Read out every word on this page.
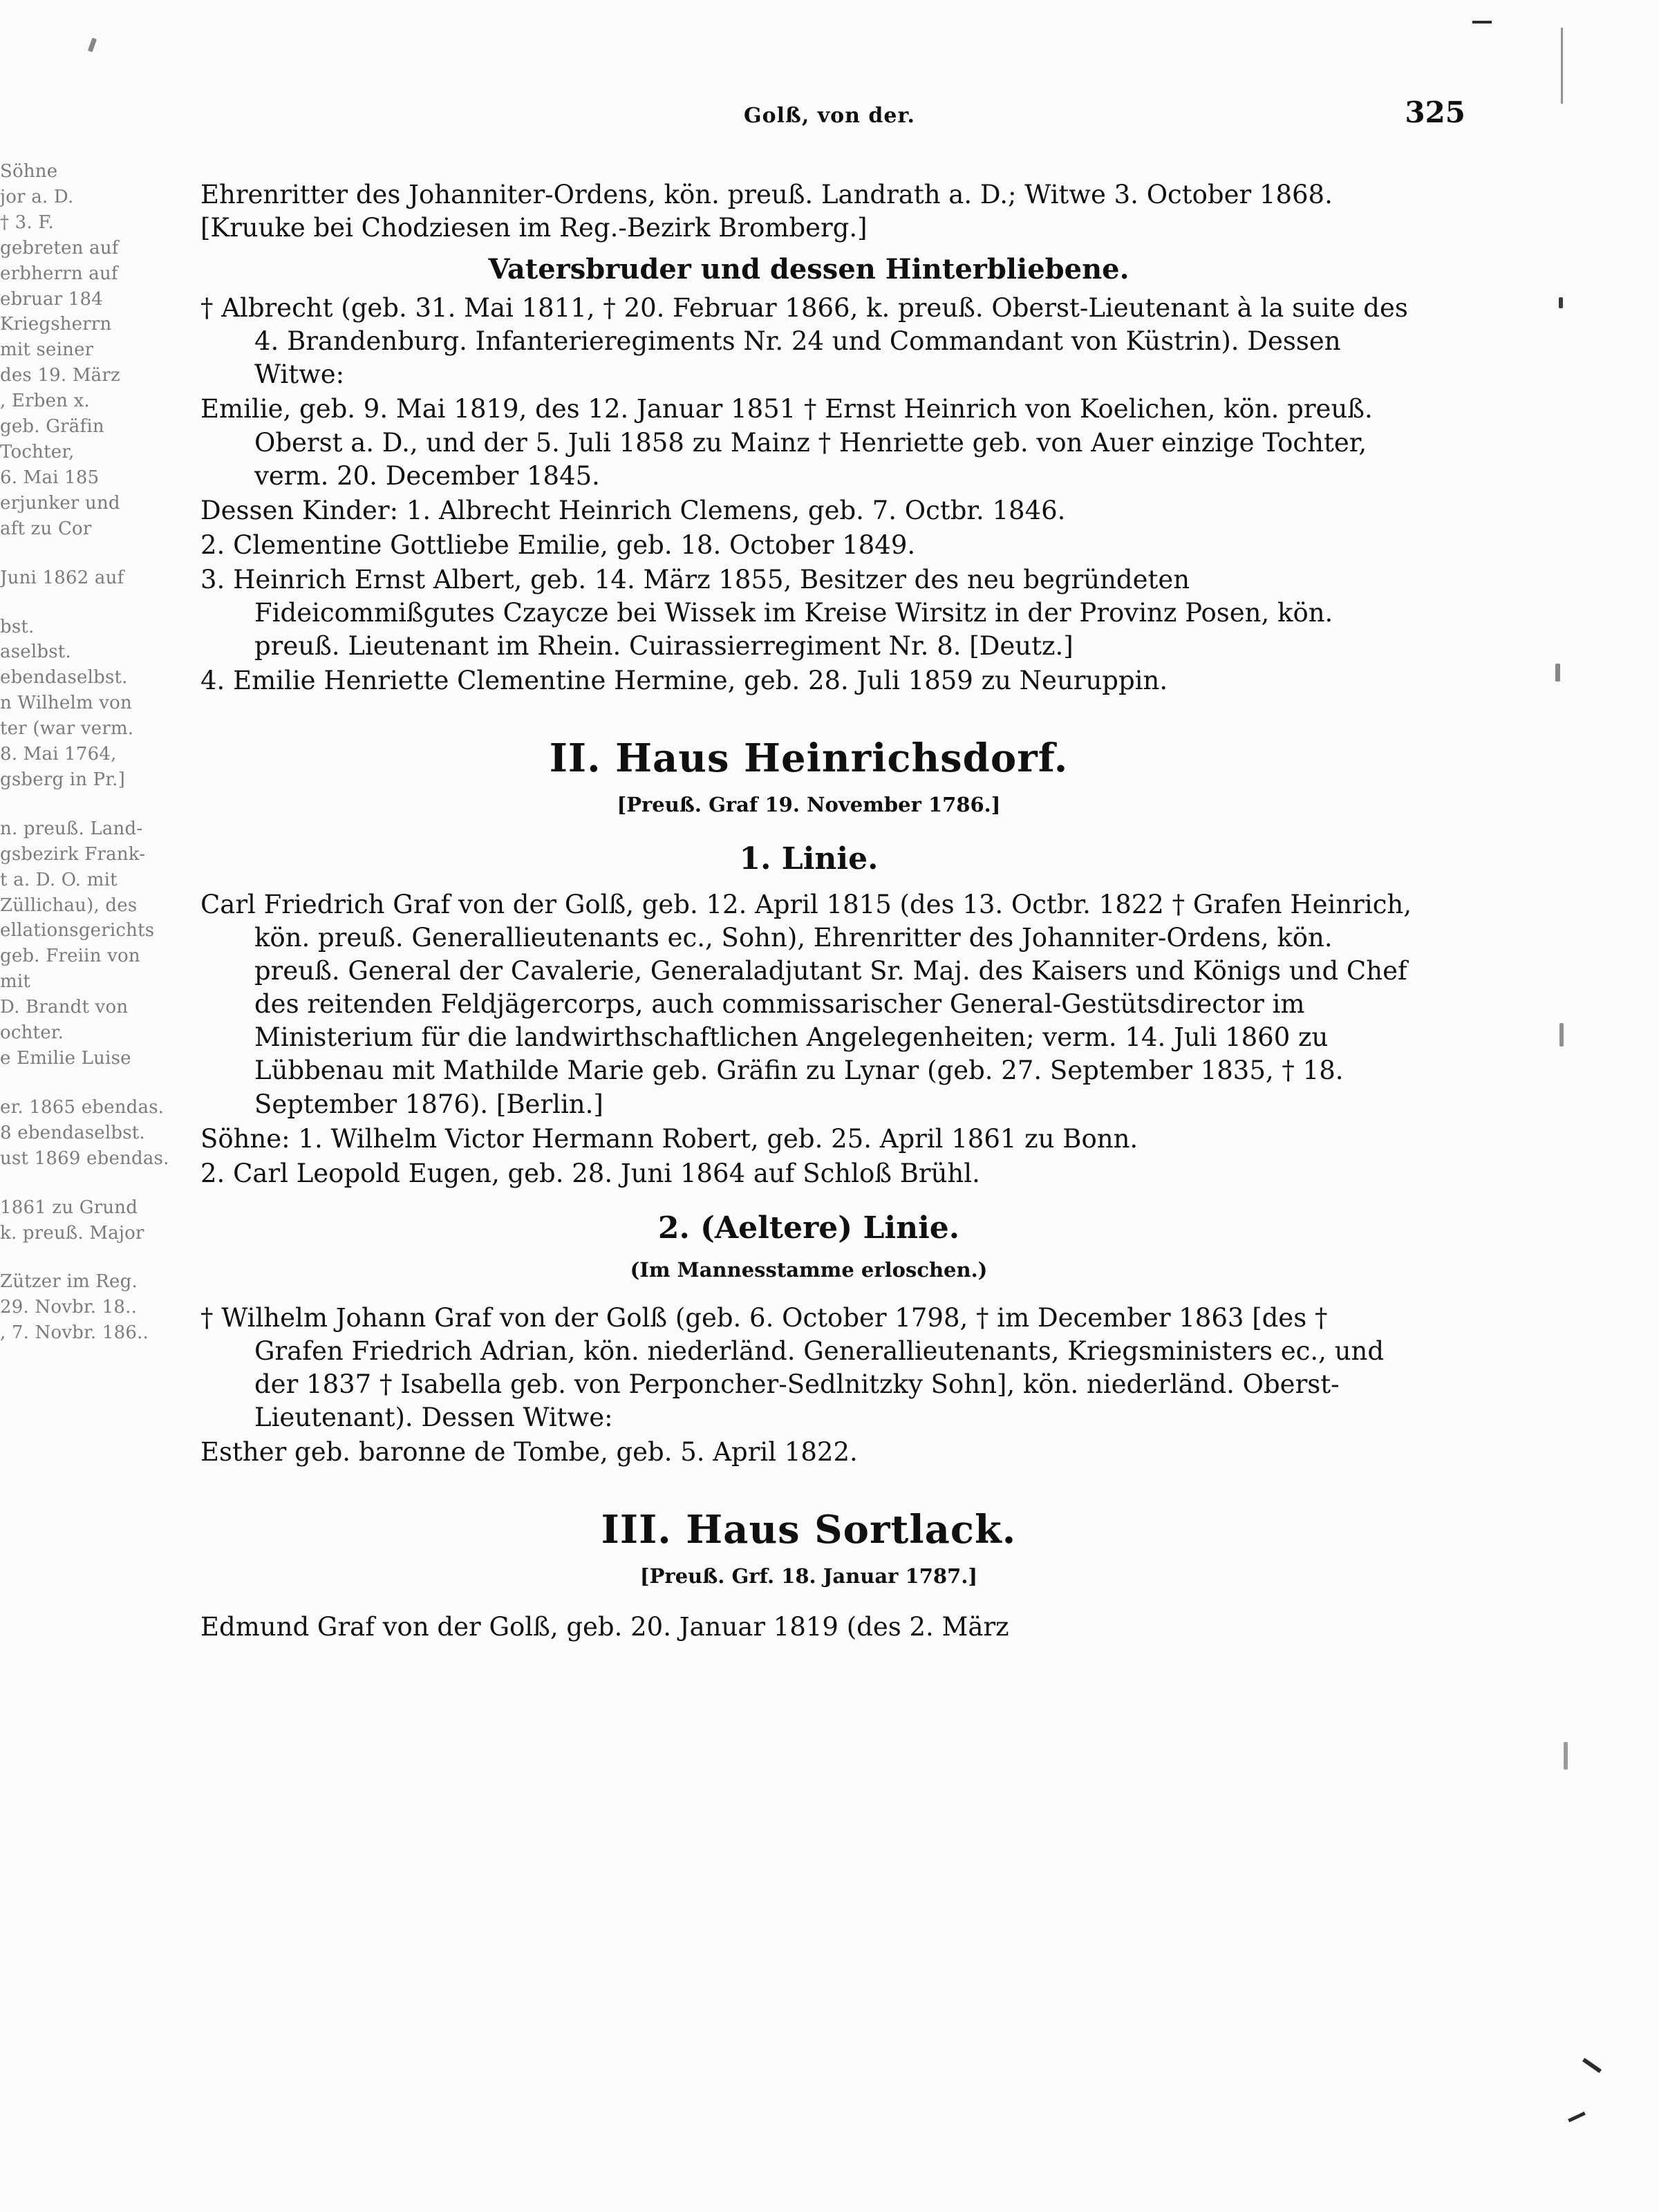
Söhne
jor a. D.
† 3. F.
gebreten auf
erbherrn auf
ebruar 184
Kriegsherrn
mit seiner
des 19. März
, Erben x.
geb. Gräfin
Tochter,
6. Mai 185
erjunker und
aft zu Cor
Juni 1862 auf
bst.
aselbst.
ebendaselbst.
n Wilhelm von
ter (war verm.
8. Mai 1764,
gsberg in Pr.]
n. preuß. Land-
gsbezirk Frank-
t a. D. O. mit
Züllichau), des
ellationsgerichts
geb. Freiin von
mit
D. Brandt von
ochter.
e Emilie Luise
er. 1865 ebendas.
8 ebendaselbst.
ust 1869 ebendas.
1861 zu Grund
k. preuß. Major
Zützer im Reg.
29. Novbr. 18..
, 7. Novbr. 186..
Golß, von der.	325
Ehrenritter des Johanniter-Ordens, kön. preuß. Landrath a. D.; Witwe 3. October 1868. [Kruuke bei Chodziesen im Reg.-Bezirk Bromberg.]
Vatersbruder und dessen Hinterbliebene.
† Albrecht (geb. 31. Mai 1811, † 20. Februar 1866, k. preuß. Oberst-Lieutenant à la suite des 4. Brandenburg. Infanterieregiments Nr. 24 und Commandant von Küstrin). Dessen Witwe:
Emilie, geb. 9. Mai 1819, des 12. Januar 1851 † Ernst Heinrich von Koelichen, kön. preuß. Oberst a. D., und der 5. Juli 1858 zu Mainz † Henriette geb. von Auer einzige Tochter, verm. 20. December 1845.
Dessen Kinder: 1. Albrecht Heinrich Clemens, geb. 7. Octbr. 1846.
2. Clementine Gottliebe Emilie, geb. 18. October 1849.
3. Heinrich Ernst Albert, geb. 14. März 1855, Besitzer des neu begründeten Fideicommißgutes Czaycze bei Wissek im Kreise Wirsitz in der Provinz Posen, kön. preuß. Lieutenant im Rhein. Cuirassierregiment Nr. 8. [Deutz.]
4. Emilie Henriette Clementine Hermine, geb. 28. Juli 1859 zu Neuruppin.
II. Haus Heinrichsdorf.
[Preuß. Graf 19. November 1786.]
1. Linie.
Carl Friedrich Graf von der Golß, geb. 12. April 1815 (des 13. Octbr. 1822 † Grafen Heinrich, kön. preuß. Generallieutenants ec., Sohn), Ehrenritter des Johanniter-Ordens, kön. preuß. General der Cavalerie, Generaladjutant Sr. Maj. des Kaisers und Königs und Chef des reitenden Feldjägercorps, auch commissarischer General-Gestütsdirector im Ministerium für die landwirthschaftlichen Angelegenheiten; verm. 14. Juli 1860 zu Lübbenau mit Mathilde Marie geb. Gräfin zu Lynar (geb. 27. September 1835, † 18. September 1876). [Berlin.]
Söhne: 1. Wilhelm Victor Hermann Robert, geb. 25. April 1861 zu Bonn.
2. Carl Leopold Eugen, geb. 28. Juni 1864 auf Schloß Brühl.
2. (Aeltere) Linie.
(Im Mannesstamme erloschen.)
† Wilhelm Johann Graf von der Golß (geb. 6. October 1798, † im December 1863 [des † Grafen Friedrich Adrian, kön. niederländ. Generallieutenants, Kriegsministers ec., und der 1837 † Isabella geb. von Perponcher-Sedlnitzky Sohn], kön. niederländ. Oberst-Lieutenant). Dessen Witwe:
Esther geb. baronne de Tombe, geb. 5. April 1822.
III. Haus Sortlack.
[Preuß. Grf. 18. Januar 1787.]
Edmund Graf von der Golß, geb. 20. Januar 1819 (des 2. März
